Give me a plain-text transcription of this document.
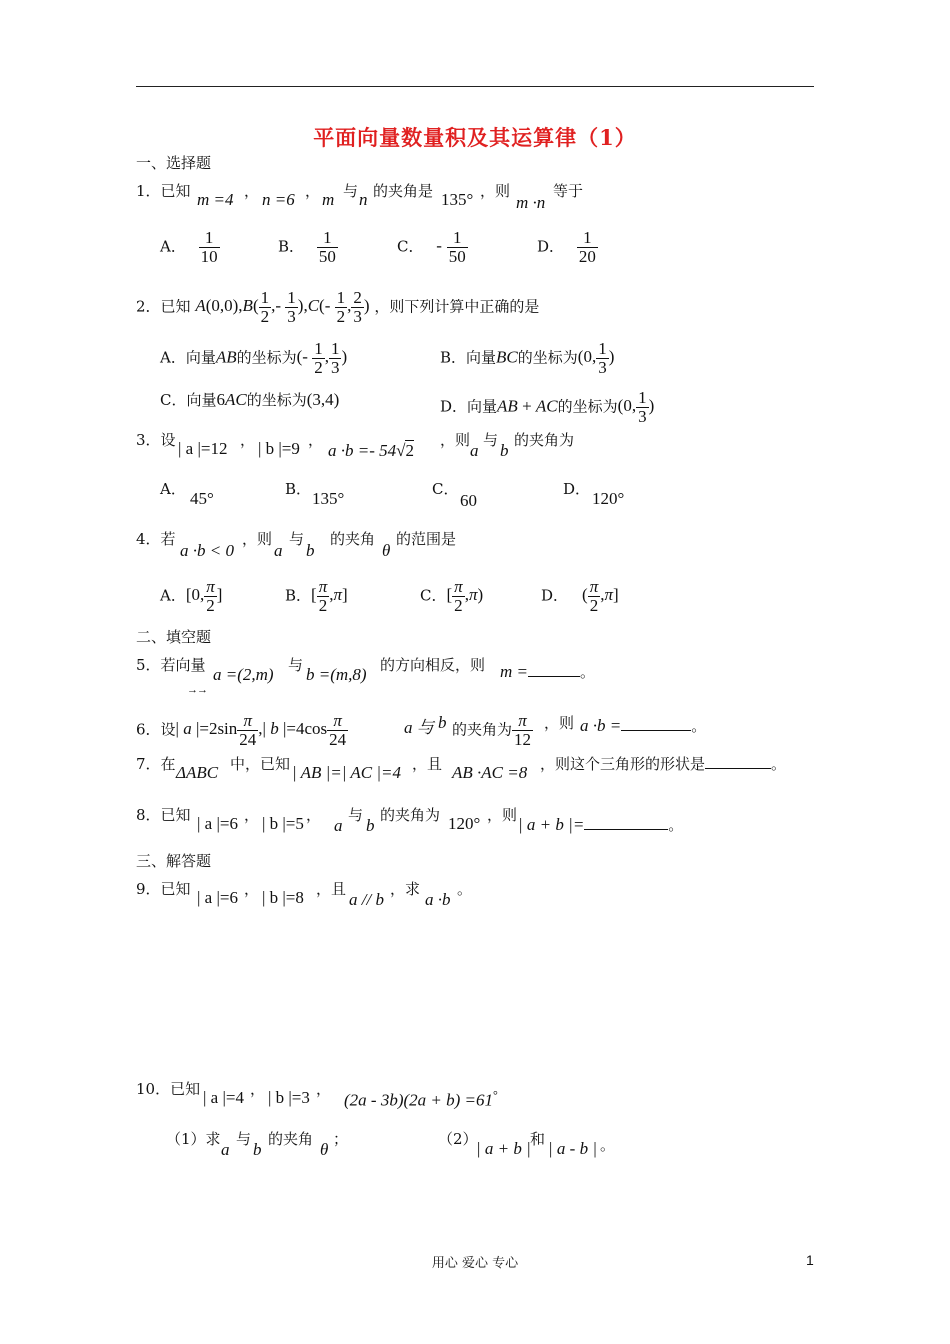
平面向量数量积及其运算律（1）
一、选择题
1．已知 m =4 ， n =6 ， m 与 n 的夹角是 135° ，则
m ·n
等于
A． $\frac{1}{10}$	B． $\frac{1}{50}$	C． - $\frac{1}{50}$	D． $\frac{1}{20}$
2．已知 $A(0,0),B( \frac{1}{2}$ ,- $\frac{1}{3} ),C(- \frac{1}{2}$ , $\frac{2}{3}$ ) ，则下列计算中正确的是
A．向量AB的坐标为(- $\frac{1}{2}$ , $\frac{1}{3}$ )	B．向量BC的坐标为(0, $\frac{1}{3}$ )
C．向量6AC的坐标为(3,4)	D．向量AB + AC的坐标为(0, $\frac{1}{3}$ )
3．设 | a |=12 ， | b |=9 ，
a ·b =- 54√2
，则
a
与
b
的夹角为
A． 45°	B． 135°	C．
60
D． 120°
4．若
a ·b < 0
，则
a
与
b
的夹角
θ
的范围是
A．[0, $\frac{\pi}{2}$ ]	B．[ $\frac{\pi}{2} ,\pi$]	C．[ $\frac{\pi}{2} ,\pi$)	D． ( $\frac{\pi}{2} ,\pi$]
二、填空题
5．若向量 a =(2,m) 与 b =(m,8) 的方向相反，则 m =	。
→→
6．设| a $|=2\sin \frac{\pi}{24}$ ,| b $|=4\cos \frac{\pi}{24}$	a 与 b 的夹角为 $\frac{\pi}{12}$ ，则 a ·b =	。
7．在 ΔABC 中，已知 | AB |=| AC |=4 ，且 AB ·AC =8 ，则这个三角形的形状是	。
8．已知 | a |=6 ， | b |=5 ，
a
与
b
的夹角为 120° ，则 | a + b |=	。
三、解答题
9．已知 | a |=6 ， | b |=8 ，且
a // b
，求
a ·b
。
10．已知 | a |=4 ， | b |=3 ，
(2a - 3b)(2a + b) =61°
（1）求
a
与
b
的夹角
θ
；	（2）
| a + b | 和 | a - b | 。
用心 爱心 专心	1
